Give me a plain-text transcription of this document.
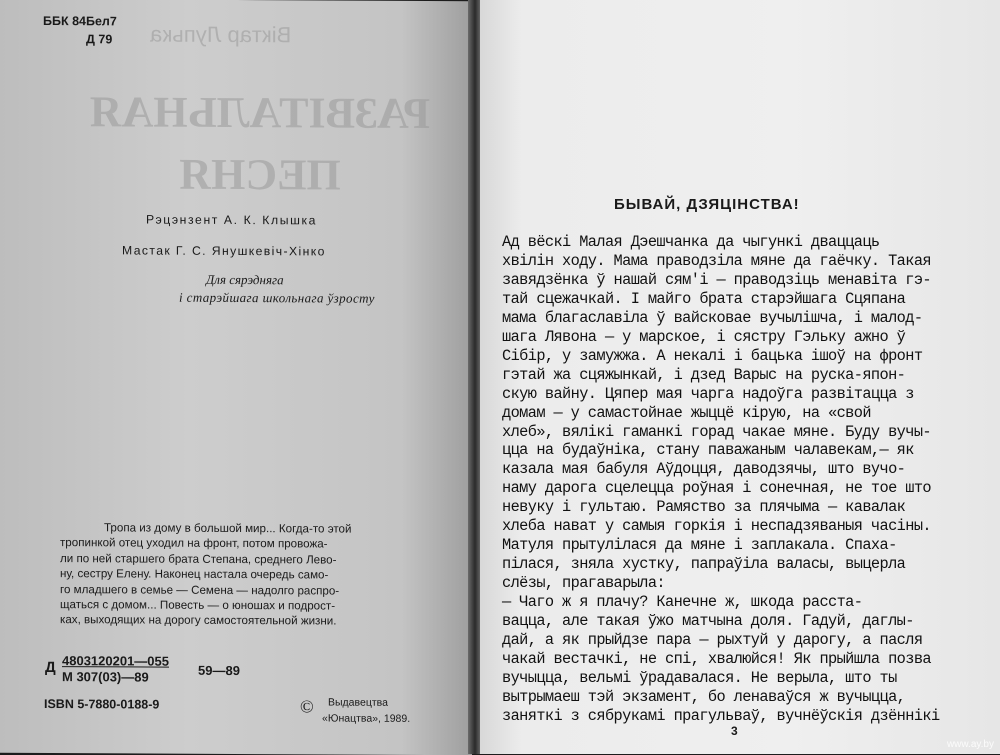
Віктар Лупька
РАЗВІТАЛЬНАЯ ПЕСНЯ
ББК 84Бел7
Д 79
Рэцэнзент А. К. Клышка
Мастак Г. С. Янушкевіч-Хінко
Для сярэдняга
і старэйшага школьнага ўзросту
Тропа из дому в большой мир... Когда-то этой
тропинкой отец уходил на фронт, потом провожа-
ли по ней старшего брата Степана, среднего Лево-
ну, сестру Елену. Наконец настала очередь само-
го младшего в семье — Семена — надолго распро-
щаться с домом... Повесть — о юношах и подрост-
ках, выходящих на дорогу самостоятельной жизни.
Д 4803120201—055
М 307(03)—89	59—89
ISBN 5-7880-0188-9	© Выдавецтва
«Юнацтва», 1989.
БЫВАЙ, ДЗЯЦІНСТВА!
Ад вёскі Малая Дэешчанка да чыгункі дваццаць
хвілін ходу. Мама праводзіла мяне да гаёчку. Такая
завядзёнка ў нашай сям'і — праводзіць менавіта гэ-
тай сцежачкай. І майго брата старэйшага Сцяпана
мама благаславіла ў вайсковае вучылішча, і малод-
шага Лявона — у марское, і сястру Гэльку ажно ў
Сібір, у замужжа. А некалі і бацька ішоў на фронт
гэтай жа сцяжынкай, і дзед Варыс на руска-япон-
скую вайну. Цяпер мая чарга надоўга развітацца з
домам — у самастойнае жыццё кірую, на «свой
хлеб», вялікі гаманкі горад чакае мяне. Буду вучы-
цца на будаўніка, стану паважаным чалавекам,— як
казала мая бабуля Аўдоцця, даводзячы, што вучо-
наму дарога сцелецца роўная і сонечная, не тое што
невуку і гультаю. Рамяство за плячыма — кавалак
хлеба нават у самыя горкія і неспадзяваныя часіны.
Матуля прытулілася да мяне і заплакала. Спаха-
пілася, зняла хустку, папраўіла валасы, выцерла
слёзы, прагаварыла:
— Чаго ж я плачу? Канечне ж, шкода расста-
вацца, але такая ўжо матчына доля. Гадуй, даглы-
дай, а як прыйдзе пара — рыхтуй у дарогу, а пасля
чакай вестачкі, не спі, хвалюйся! Як прыйшла позва
вучыцца, вельмі ўрадавалася. Не верыла, што ты
вытрымаеш тэй экзамент, бо ленаваўся ж вучыцца,
заняткі з сябрукамі прагульваў, вучнёўскія дзённікі
3
www.ay.by
